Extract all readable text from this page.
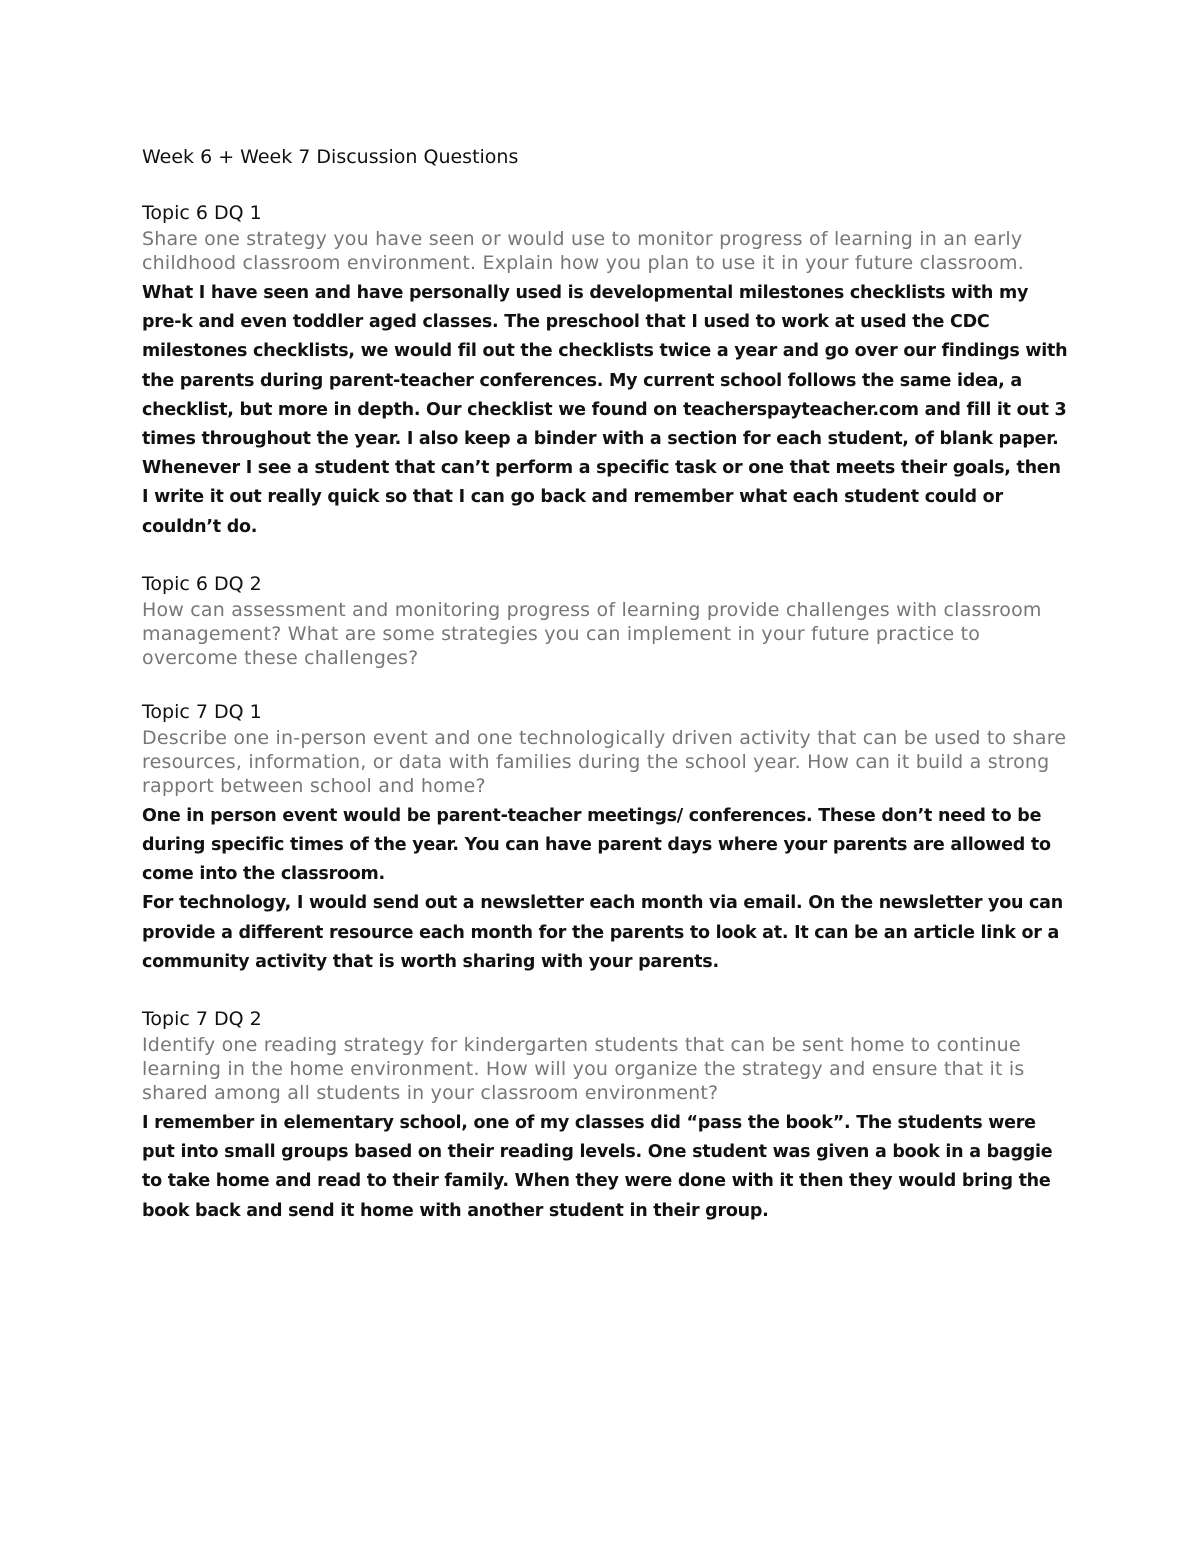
Week 6 + Week 7 Discussion Questions
Topic 6 DQ 1

Share one strategy you have seen or would use to monitor progress of learning in an early childhood classroom environment. Explain how you plan to use it in your future classroom.

What I have seen and have personally used is developmental milestones checklists with my pre-k and even toddler aged classes. The preschool that I used to work at used the CDC milestones checklists, we would fil out the checklists twice a year and go over our findings with the parents during parent-teacher conferences. My current school follows the same idea, a checklist, but more in depth. Our checklist we found on teacherspayteacher.com and fill it out 3 times throughout the year. I also keep a binder with a section for each student, of blank paper. Whenever I see a student that can’t perform a specific task or one that meets their goals, then I write it out really quick so that I can go back and remember what each student could or couldn’t do.

Topic 6 DQ 2

How can assessment and monitoring progress of learning provide challenges with classroom management? What are some strategies you can implement in your future practice to overcome these challenges?

Topic 7 DQ 1

Describe one in-person event and one technologically driven activity that can be used to share resources, information, or data with families during the school year. How can it build a strong rapport between school and home?

One in person event would be parent-teacher meetings/ conferences. These don’t need to be during specific times of the year. You can have parent days where your parents are allowed to come into the classroom.

For technology, I would send out a newsletter each month via email. On the newsletter you can provide a different resource each month for the parents to look at. It can be an article link or a community activity that is worth sharing with your parents.

Topic 7 DQ 2

Identify one reading strategy for kindergarten students that can be sent home to continue learning in the home environment. How will you organize the strategy and ensure that it is shared among all students in your classroom environment?

I remember in elementary school, one of my classes did “pass the book”. The students were put into small groups based on their reading levels. One student was given a book in a baggie to take home and read to their family. When they were done with it then they would bring the book back and send it home with another student in their group.
